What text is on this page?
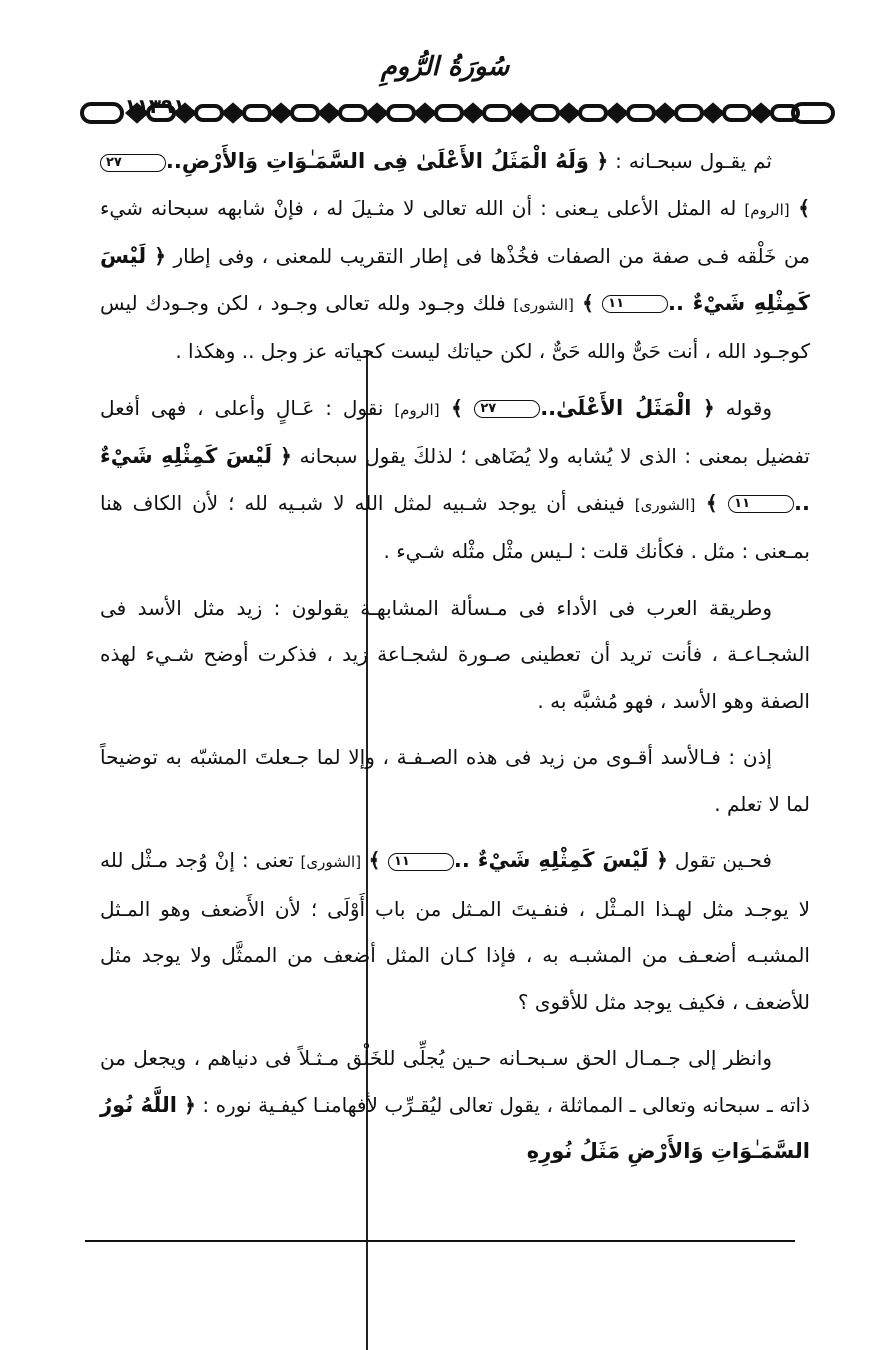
سُورَةُ الرُّومِ
١١٣٩١

ثم يقـول سبحـانه : ﴿ وَلَهُ الْمَثَلُ الأَعْلَىٰ فِى السَّمَـٰوَاتِ وَالأَرْضِ..٢٧ ﴾ [الروم] له المثل الأعلى يـعنى : أن الله تعالى لا مثـيلَ له ، فإنْ شابهه سبحانه شيء من خَلْقه فـى صفة من الصفات فخُذْها فى إطار التقريب للمعنى ، وفى إطار ﴿ لَيْسَ كَمِثْلِهِ شَيْءٌ ..١١ ﴾ [الشورى] فلك وجـود ولله تعالى وجـود ، لكن وجـودك ليس كوجـود الله ، أنت حَىٌّ والله حَىٌّ ، لكن حياتك ليست كحياته عز وجل .. وهكذا .

وقوله ﴿ الْمَثَلُ الأَعْلَىٰ..٢٧ ﴾ [الروم] نقول : عَـالٍ وأعلى ، فهى أفعل تفضيل بمعنى : الذى لا يُشابه ولا يُضَاهى ؛ لذلكَ يقول سبحانه ﴿ لَيْسَ كَمِثْلِهِ شَيْءٌ ..١١ ﴾ [الشورى] فينفى أن يوجد شـبيه لمثل الله لا شبـيه لله ؛ لأن الكاف هنا بمـعنى : مثل . فكأنك قلت : لـيس مثْل مثْله شـيء .

وطريقة العرب فى الأداء فى مـسألة المشابهـة يقولون : زيد مثل الأسد فى الشجـاعـة ، فأنت تريد أن تعطينى صـورة لشجـاعة زيد ، فذكرت أوضح شـيء لهذه الصفة وهو الأسد ، فهو مُشبَّه به .

إذن : فـالأسد أقـوى من زيد فى هذه الصـفـة ، وإلا لما جـعلتَ المشبّه به توضيحاً لما لا تعلم .

فحـين تقول ﴿ لَيْسَ كَمِثْلِهِ شَيْءٌ ..١١ ﴾ [الشورى] تعنى : إنْ وُجد مـثْل لله لا يوجـد مثل لهـذا المـثْل ، فنفـيتَ المـثل من باب أَوْلَى ؛ لأن الأَضعف وهو المـثل المشبـه أضعـف من المشبـه به ، فإذا كـان المثل أضعف من الممثَّل ولا يوجد مثل للأضعف ، فكيف يوجد مثل للأقوى ؟

وانظر إلى جـمـال الحق سـبحـانه حـين يُجلِّى للخَلْق مـثـلاً فى دنياهم ، ويجعل من ذاته ـ سبحانه وتعالى ـ المماثلة ، يقول تعالى ليُقـرِّب لأفهامنـا كيفـية نوره : ﴿ اللَّهُ نُورُ السَّمَـٰوَاتِ وَالأَرْضِ مَثَلُ نُورِهِ
